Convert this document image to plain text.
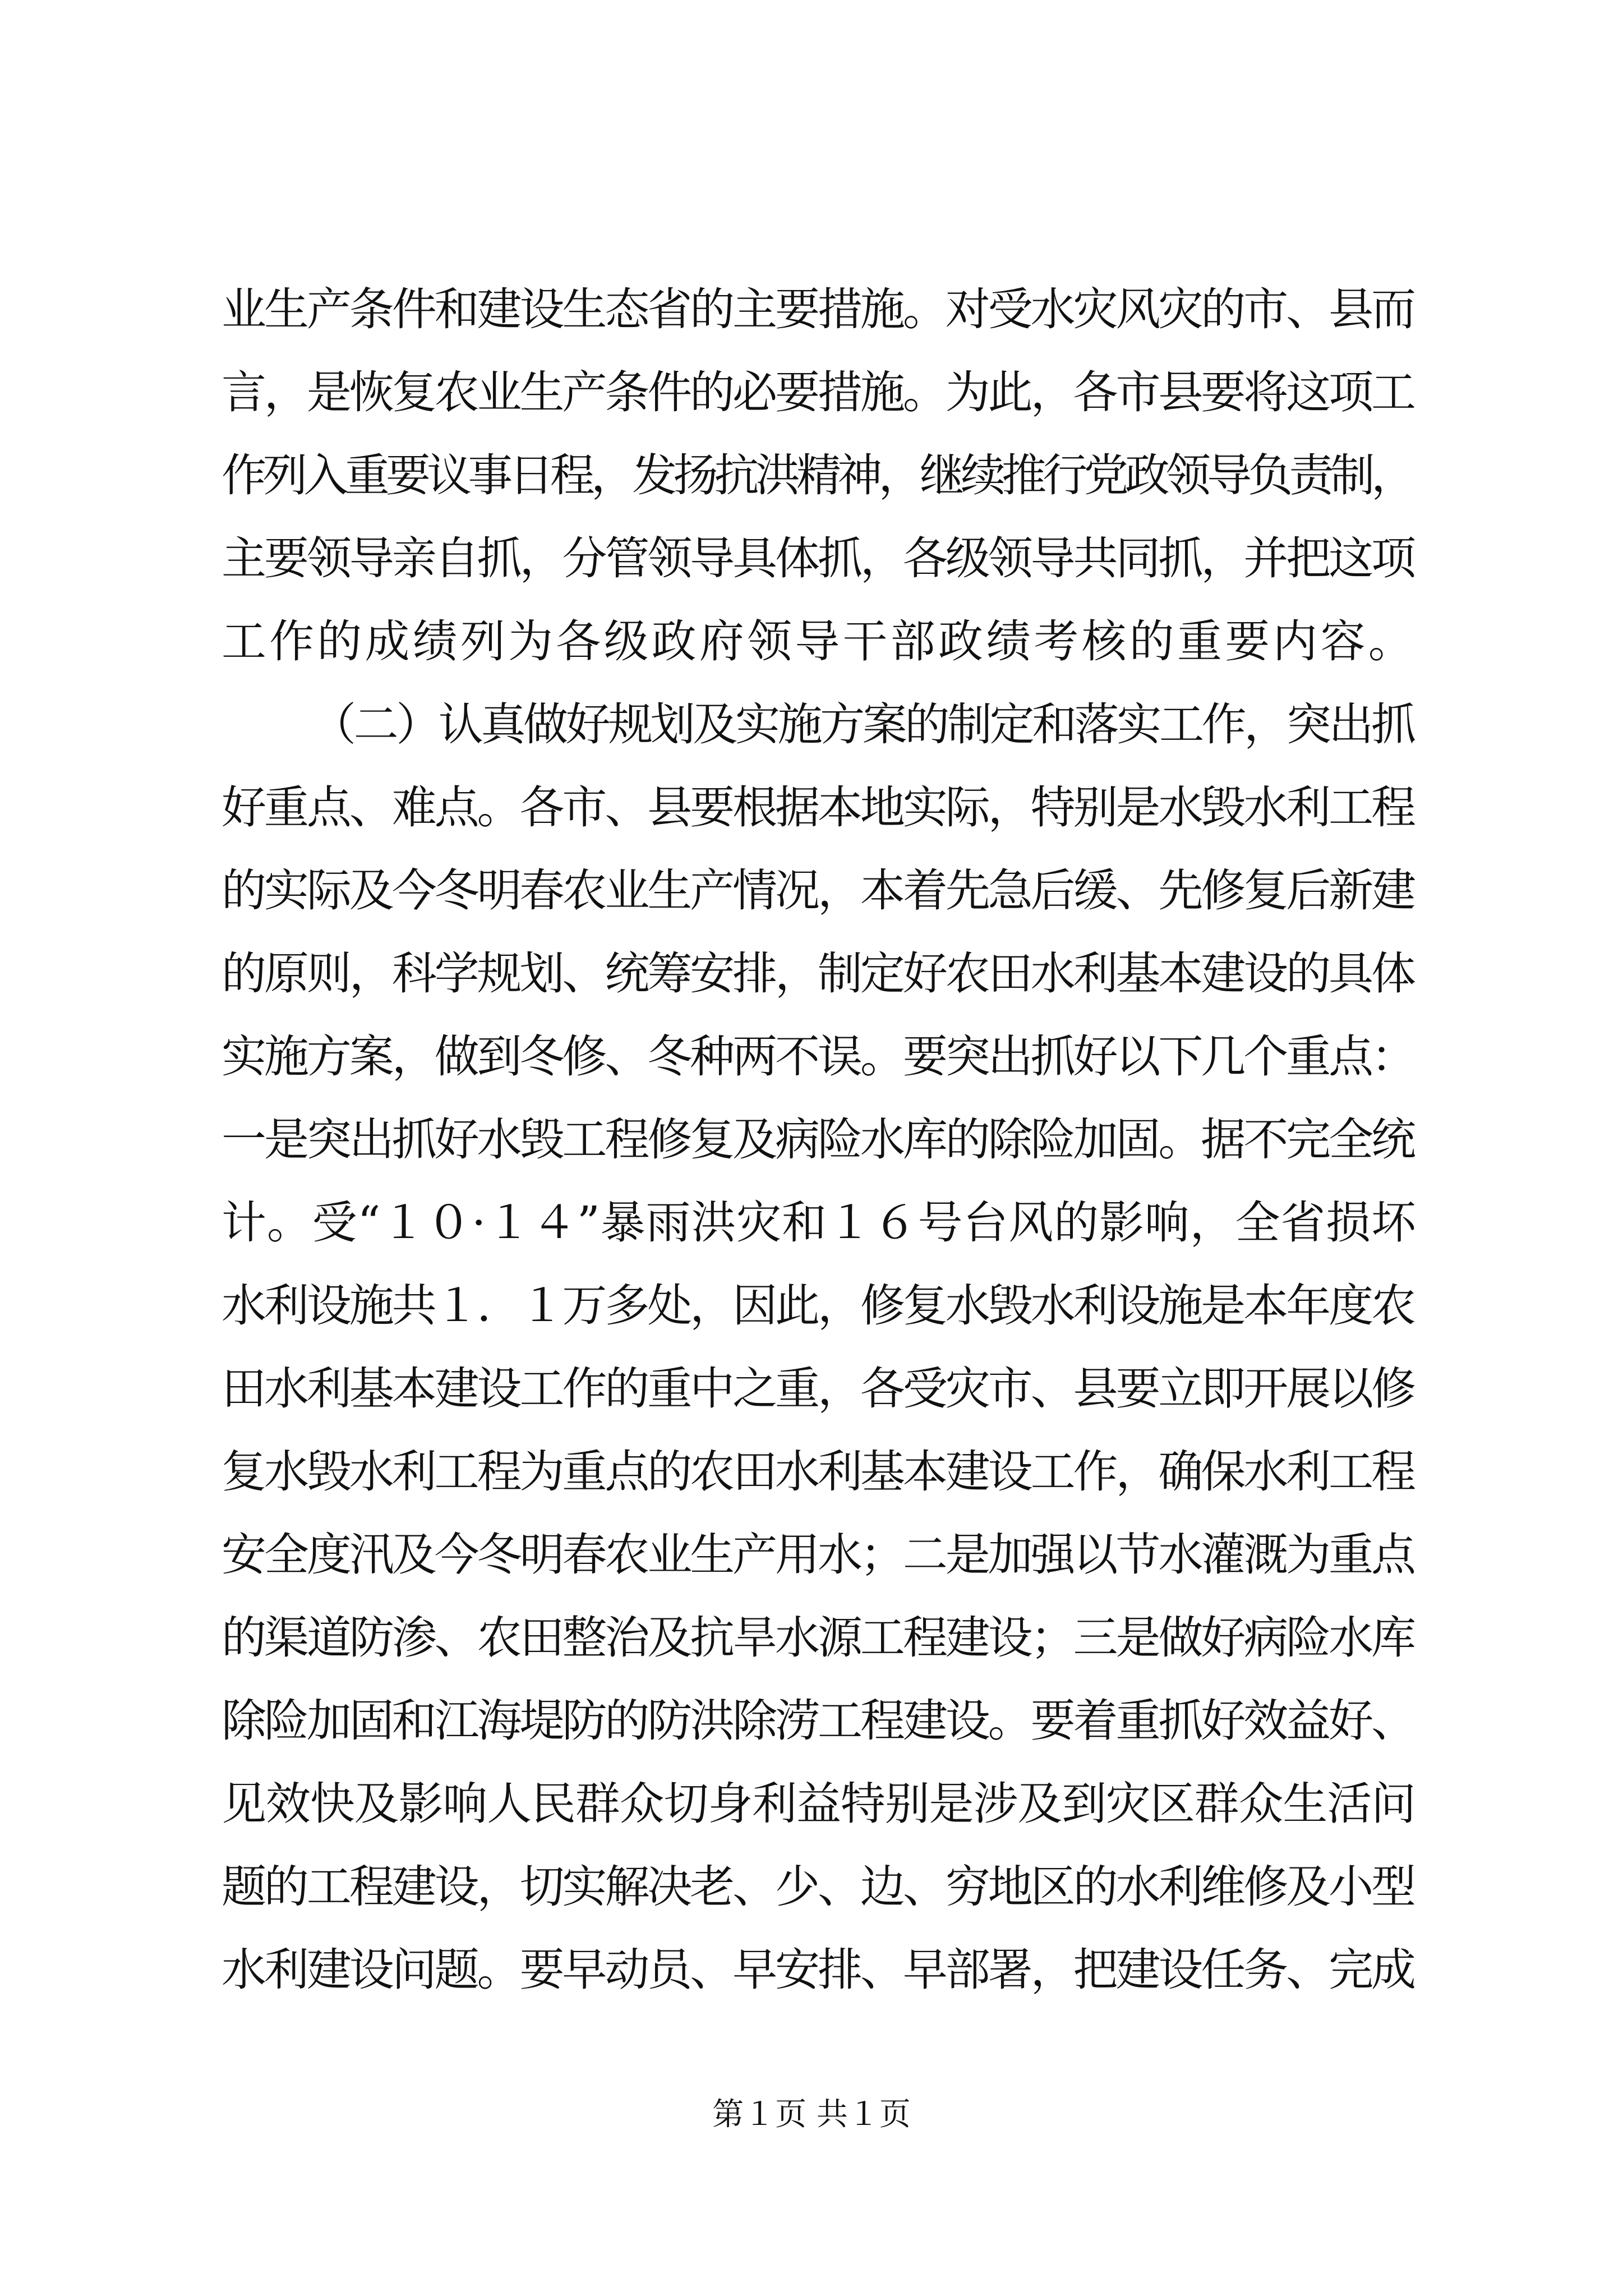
业生产条件和建设生态省的主要措施。对受水灾风灾的市、县而
言，是恢复农业生产条件的必要措施。为此，各市县要将这项工
作列入重要议事日程，发扬抗洪精神，继续推行党政领导负责制，
主要领导亲自抓，分管领导具体抓，各级领导共同抓，并把这项
工作的成绩列为各级政府领导干部政绩考核的重要内容。
（二）认真做好规划及实施方案的制定和落实工作，突出抓
好重点、难点。各市、县要根据本地实际，特别是水毁水利工程
的实际及今冬明春农业生产情况，本着先急后缓、先修复后新建
的原则，科学规划、统筹安排，制定好农田水利基本建设的具体
实施方案，做到冬修、冬种两不误。要突出抓好以下几个重点：
一是突出抓好水毁工程修复及病险水库的除险加固。据不完全统
计。受“１０·１４”暴雨洪灾和１６号台风的影响，全省损坏
水利设施共１．１万多处，因此，修复水毁水利设施是本年度农
田水利基本建设工作的重中之重，各受灾市、县要立即开展以修
复水毁水利工程为重点的农田水利基本建设工作，确保水利工程
安全度汛及今冬明春农业生产用水；二是加强以节水灌溉为重点
的渠道防渗、农田整治及抗旱水源工程建设；三是做好病险水库
除险加固和江海堤防的防洪除涝工程建设。要着重抓好效益好、
见效快及影响人民群众切身利益特别是涉及到灾区群众生活问
题的工程建设，切实解决老、少、边、穷地区的水利维修及小型
水利建设问题。要早动员、早安排、早部署，把建设任务、完成
第１页 共１页
